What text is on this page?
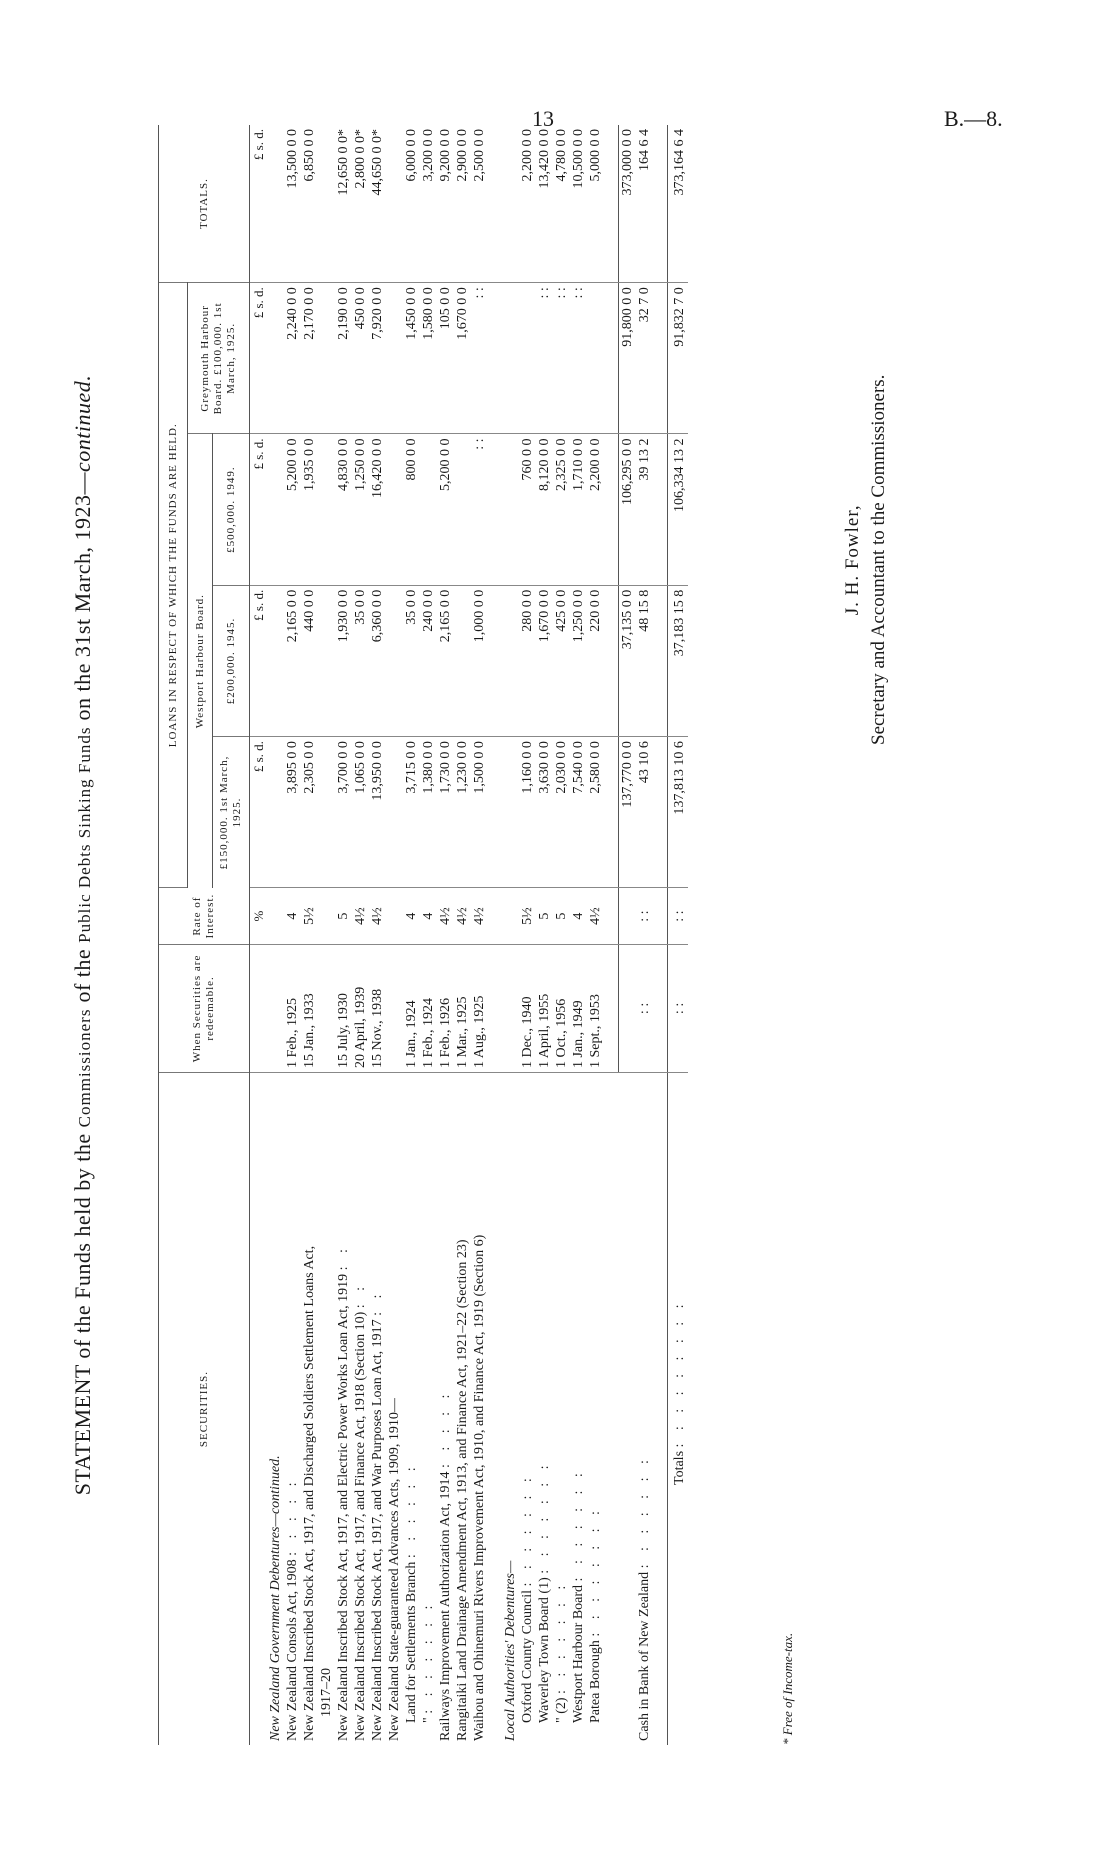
13	B.—8.
STATEMENT of the Funds held by the Commissioners of the Public Debts Sinking Funds on the 31st March, 1923—continued.
SECURITIES.	When Securities are redeemable.	Rate of Interest.	LOANS IN RESPECT OF WHICH THE FUNDS ARE HELD.				TOTALS.
			Westport Harbour Board.			Greymouth Harbour Board. £100,000. 1st March, 1925.	
			£150,000. 1st March, 1925.	£200,000. 1945.	£500,000. 1949.		
		%	£ s. d.	£ s. d.	£ s. d.	£ s. d.	£ s. d.
New Zealand Government Debentures—continued.							
New Zealand Consols Act, 1908 : : : : :	1 Feb., 1925	4	3,895 0 0	2,165 0 0	5,200 0 0	2,240 0 0	13,500 0 0
New Zealand Inscribed Stock Act, 1917, and Discharged Soldiers Settlement Loans Act,	15 Jan., 1933	5½	2,305 0 0	440 0 0	1,935 0 0	2,170 0 0	6,850 0 0
1917–20							
New Zealand Inscribed Stock Act, 1917, and Electric Power Works Loan Act, 1919 : :	15 July, 1930	5	3,700 0 0	1,930 0 0	4,830 0 0	2,190 0 0	12,650 0 0*
New Zealand Inscribed Stock Act, 1917, and Finance Act, 1918 (Section 10) : :	20 April, 1939	4½	1,065 0 0	35 0 0	1,250 0 0	450 0 0	2,800 0 0*
New Zealand Inscribed Stock Act, 1917, and War Purposes Loan Act, 1917 : :	15 Nov., 1938	4½	13,950 0 0	6,360 0 0	16,420 0 0	7,920 0 0	44,650 0 0*
New Zealand State-guaranteed Advances Acts, 1909, 1910—							
Land for Settlements Branch : : : : : :	1 Jan., 1924	4	3,715 0 0	35 0 0	800 0 0	1,450 0 0	6,000 0 0
" : : : : : : :	1 Feb., 1924	4	1,380 0 0	240 0 0		1,580 0 0	3,200 0 0
Railways Improvement Authorization Act, 1914 : : : : :	1 Feb., 1926	4½	1,730 0 0	2,165 0 0	5,200 0 0	105 0 0	9,200 0 0
Rangitaiki Land Drainage Amendment Act, 1913, and Finance Act, 1921–22 (Section 23)	1 Mar., 1925	4½	1,230 0 0			1,670 0 0	2,900 0 0
Waihou and Ohinemuri Rivers Improvement Act, 1910, and Finance Act, 1919 (Section 6)	1 Aug., 1925	4½	1,500 0 0	1,000 0 0	: :	: :	2,500 0 0

Local Authorities' Debentures—							
Oxford County Council : : : : : : :	1 Dec., 1940	5½	1,160 0 0	280 0 0	760 0 0		2,200 0 0
Waverley Town Board (1) : : : : : : :	1 April, 1955	5	3,630 0 0	1,670 0 0	8,120 0 0	: :	13,420 0 0
" (2) : : : : : : :	1 Oct., 1956	5	2,030 0 0	425 0 0	2,325 0 0	: :	4,780 0 0
Westport Harbour Board : : : : : : :	1 Jan., 1949	4	7,540 0 0	1,250 0 0	1,710 0 0	: :	10,500 0 0
Patea Borough : : : : : : : :	1 Sept., 1953	4½	2,580 0 0	220 0 0	2,200 0 0		5,000 0 0

			137,770 0 0	37,135 0 0	106,295 0 0	91,800 0 0	373,000 0 0
Cash in Bank of New Zealand : : : : : : :	: :	: :	43 10 6	48 15 8	39 13 2	32 7 0	164 6 4

Totals : : : : : : : : :	: :	: :	137,813 10 6	37,183 15 8	106,334 13 2	91,832 7 0	373,164 6 4
* Free of Income-tax.
J. H. Fowler, Secretary and Accountant to the Commissioners.
